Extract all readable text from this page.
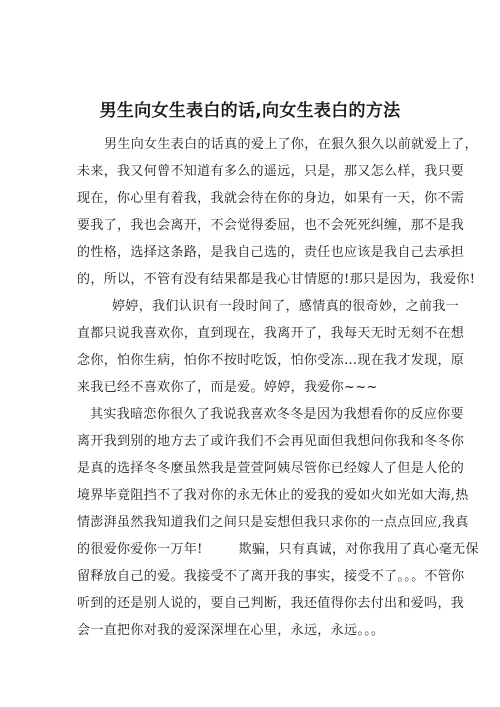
男生向女生表白的话,向女生表白的方法
男生向女生表白的话真的爱上了你，在狠久狠久以前就爱上了，
未来，我又何曾不知道有多么的遥远，只是，那又怎么样，我只要
现在，你心里有着我，我就会待在你的身边，如果有一天，你不需
要我了，我也会离开，不会觉得委屈，也不会死死纠缠，那不是我
的性格，选择这条路，是我自己选的，责任也应该是我自己去承担
的，所以，不管有没有结果都是我心甘情愿的!那只是因为，我爱你!
婷婷，我们认识有一段时间了，感情真的很奇妙，之前我一
直都只说我喜欢你，直到现在，我离开了，我每天无时无刻不在想
念你，怕你生病，怕你不按时吃饭，怕你受冻…现在我才发现，原
来我已经不喜欢你了，而是爱。婷婷，我爱你~~~
其实我暗恋你很久了我说我喜欢冬冬是因为我想看你的反应你要
离开我到别的地方去了或许我们不会再见面但我想问你我和冬冬你
是真的选择冬冬麼虽然我是萱萱阿姨尽管你已经嫁人了但是人伦的
境界毕竟阻挡不了我对你的永无休止的爱我的爱如火如光如大海,热
情澎湃虽然我知道我们之间只是妄想但我只求你的一点点回应,我真
的很爱你爱你一万年!        欺骗，只有真诚，对你我用了真心毫无保
留释放自己的爱。我接受不了离开我的事实，接受不了。。。不管你
听到的还是别人说的，要自己判断，我还值得你去付出和爱吗，我
会一直把你对我的爱深深埋在心里，永远，永远。。。
